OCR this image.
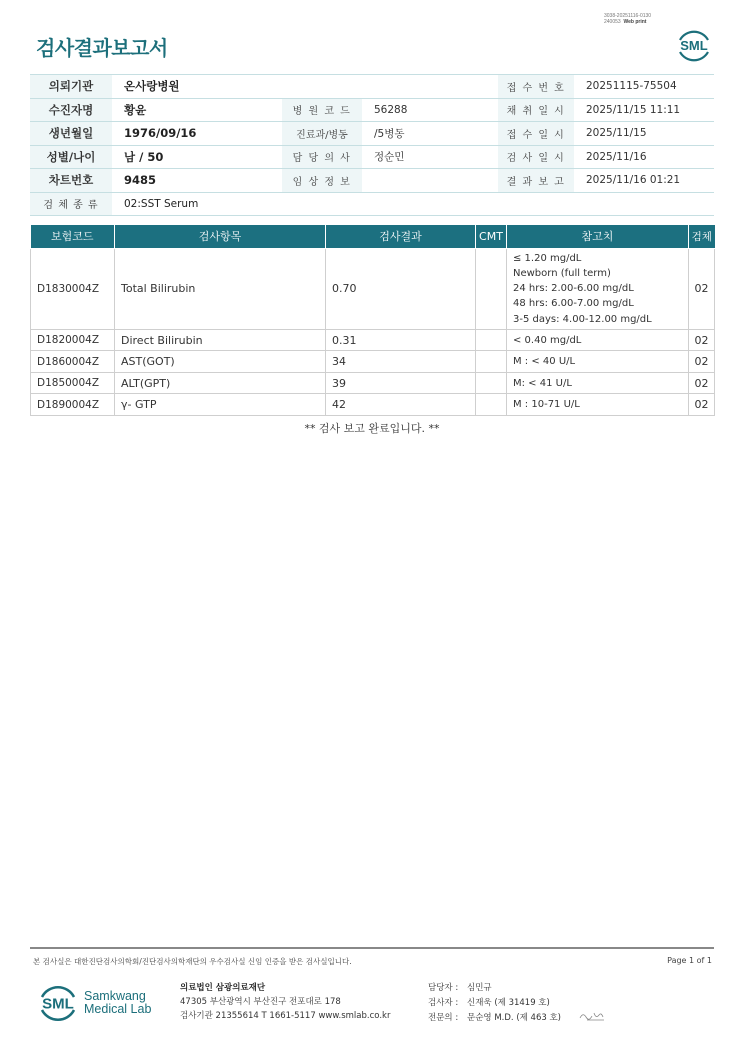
검사결과보고서
3038-20251116-0130
240053 Web print
SML
의뢰기관	온사랑병원			접 수 번 호	20251115-75504
수진자명	황윤	병 원 코 드	56288	채 취 일 시	2025/11/15 11:11
생년월일	1976/09/16	진료과/병동	/5병동	접 수 일 시	2025/11/15
성별/나이	남 / 50	담 당 의 사	정순민	검 사 일 시	2025/11/16
차트번호	9485	임 상 정 보		결 과 보 고	2025/11/16 01:21
검 체 종 류	02:SST Serum				
보험코드	검사항목	검사결과	CMT	참고치	검체
D1830004Z	Total Bilirubin	0.70		≤ 1.20 mg/dL
Newborn (full term)
24 hrs: 2.00-6.00 mg/dL
48 hrs: 6.00-7.00 mg/dL
3-5 days: 4.00-12.00 mg/dL	02
D1820004Z	Direct Bilirubin	0.31		< 0.40 mg/dL	02
D1860004Z	AST(GOT)	34		M : < 40 U/L	02
D1850004Z	ALT(GPT)	39		M: < 41 U/L	02
D1890004Z	γ- GTP	42		M : 10-71 U/L	02
** 검사 보고 완료입니다. **
본 검사실은 대한진단검사의학회/진단검사의학재단의 우수검사실 신임 인증을 받은 검사실입니다.	Page 1 of 1
SML Samkwang
Medical Lab
의료법인 삼광의료재단
47305 부산광역시 부산진구 전포대로 178
검사기관 21355614 T 1661-5117 www.smlab.co.kr
담당자 : 심민규
검사자 : 신재욱 (제 31419 호)
전문의 : 문순영 M.D. (제 463 호)
